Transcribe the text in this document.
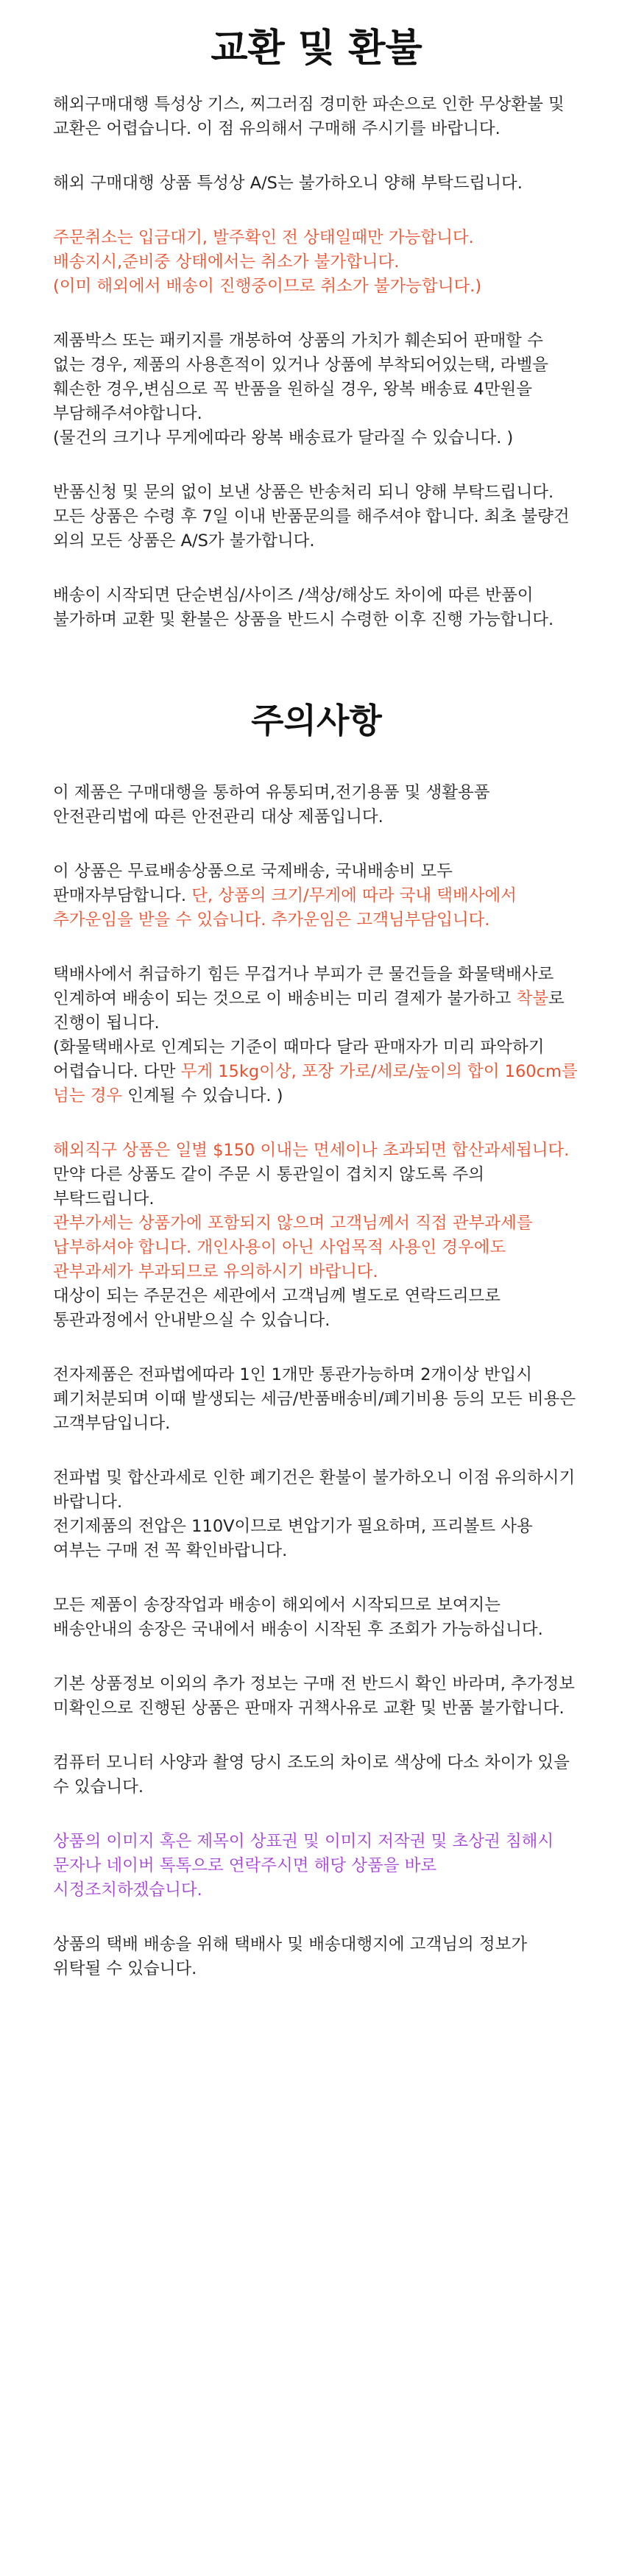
교환 및 환불

해외구매대행 특성상 기스, 찌그러짐 경미한 파손으로 인한 무상환불 및 교환은 어렵습니다. 이 점 유의해서 구매해 주시기를 바랍니다.

해외 구매대행 상품 특성상 A/S는 불가하오니 양해 부탁드립니다.

주문취소는 입금대기, 발주확인 전 상태일때만 가능합니다.
배송지시,준비중 상태에서는 취소가 불가합니다.
(이미 해외에서 배송이 진행중이므로 취소가 불가능합니다.)

제품박스 또는 패키지를 개봉하여 상품의 가치가 훼손되어 판매할 수 없는 경우, 제품의 사용흔적이 있거나 상품에 부착되어있는택, 라벨을 훼손한 경우,변심으로 꼭 반품을 원하실 경우, 왕복 배송료 4만원을 부담해주셔야합니다.
(물건의 크기나 무게에따라 왕복 배송료가 달라질 수 있습니다. )

반품신청 및 문의 없이 보낸 상품은 반송처리 되니 양해 부탁드립니다.모든 상품은 수령 후 7일 이내 반품문의를 해주셔야 합니다. 최초 불량건 외의 모든 상품은 A/S가 불가합니다.

배송이 시작되면 단순변심/사이즈 /색상/해상도 차이에 따른 반품이 불가하며 교환 및 환불은 상품을 반드시 수령한 이후 진행 가능합니다.

주의사항

이 제품은 구매대행을 통하여 유통되며,전기용품 및 생활용품 안전관리법에 따른 안전관리 대상 제품입니다.

이 상품은 무료배송상품으로 국제배송, 국내배송비 모두 판매자부담합니다. 단, 상품의 크기/무게에 따라 국내 택배사에서 추가운임을 받을 수 있습니다. 추가운임은 고객님부담입니다.

택배사에서 취급하기 힘든 무겁거나 부피가 큰 물건들을 화물택배사로 인계하여 배송이 되는 것으로 이 배송비는 미리 결제가 불가하고 착불로 진행이 됩니다.
(화물택배사로 인계되는 기준이 때마다 달라 판매자가 미리 파악하기 어렵습니다. 다만 무게 15kg이상, 포장 가로/세로/높이의 합이 160cm를 넘는 경우 인계될 수 있습니다. )

해외직구 상품은 일별 $150 이내는 면세이나 초과되면 합산과세됩니다. 만약 다른 상품도 같이 주문 시 통관일이 겹치지 않도록 주의 부탁드립니다.
관부가세는 상품가에 포함되지 않으며 고객님께서 직접 관부과세를 납부하셔야 합니다. 개인사용이 아닌 사업목적 사용인 경우에도 관부과세가 부과되므로 유의하시기 바랍니다.
대상이 되는 주문건은 세관에서 고객님께 별도로 연락드리므로 통관과정에서 안내받으실 수 있습니다.

전자제품은 전파법에따라 1인 1개만 통관가능하며 2개이상 반입시 폐기처분되며 이때 발생되는 세금/반품배송비/폐기비용 등의 모든 비용은 고객부담입니다.

전파법 및 합산과세로 인한 폐기건은 환불이 불가하오니 이점 유의하시기 바랍니다.
전기제품의 전압은 110V이므로 변압기가 필요하며, 프리볼트 사용 여부는 구매 전 꼭 확인바랍니다.

모든 제품이 송장작업과 배송이 해외에서 시작되므로 보여지는 배송안내의 송장은 국내에서 배송이 시작된 후 조회가 가능하십니다.

기본 상품정보 이외의 추가 정보는 구매 전 반드시 확인 바라며, 추가정보 미확인으로 진행된 상품은 판매자 귀책사유로 교환 및 반품 불가합니다.

컴퓨터 모니터 사양과 촬영 당시 조도의 차이로 색상에 다소 차이가 있을 수 있습니다.

상품의 이미지 혹은 제목이 상표권 및 이미지 저작권 및 초상권 침해시 문자나 네이버 톡톡으로 연락주시면 해당 상품을 바로 시정조치하겠습니다.

상품의 택배 배송을 위해 택배사 및 배송대행지에 고객님의 정보가 위탁될 수 있습니다.
